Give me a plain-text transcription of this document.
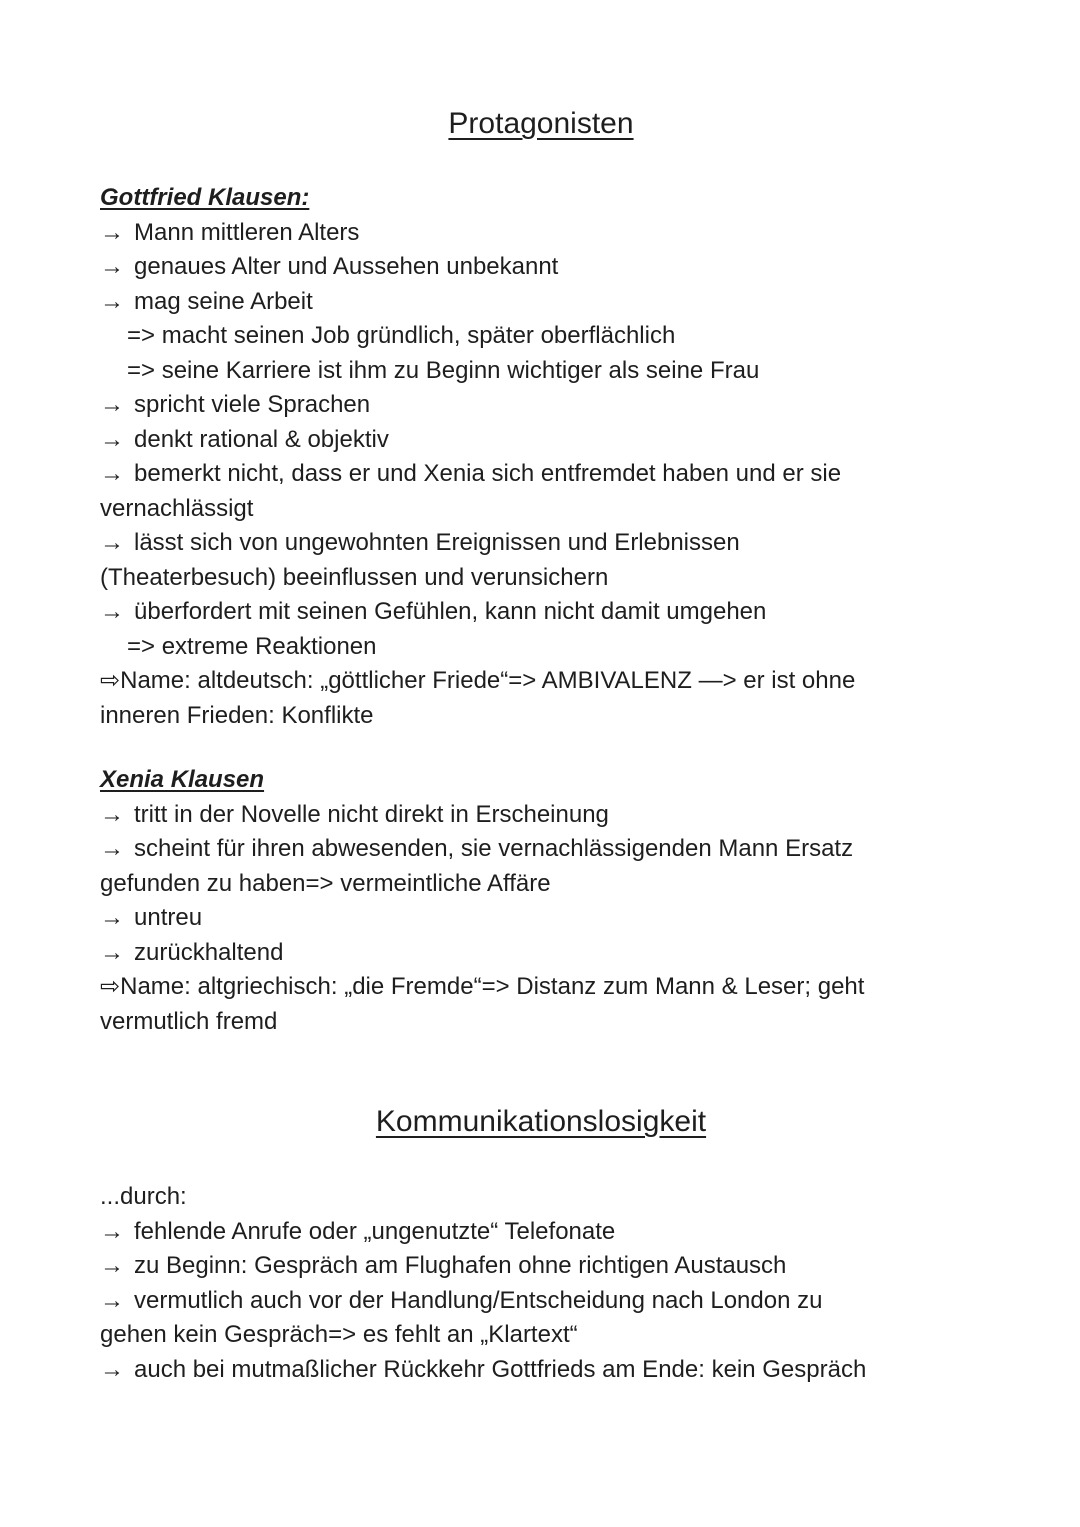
Protagonisten
Gottfried Klausen:

→ Mann mittleren Alters

→ genaues Alter und Aussehen unbekannt

→ mag seine Arbeit

=> macht seinen Job gründlich, später oberflächlich

=> seine Karriere ist ihm zu Beginn wichtiger als seine Frau

→ spricht viele Sprachen

→ denkt rational & objektiv

→ bemerkt nicht, dass er und Xenia sich entfremdet haben und er sie

vernachlässigt

→ lässt sich von ungewohnten Ereignissen und Erlebnissen

(Theaterbesuch) beeinflussen und verunsichern

→ überfordert mit seinen Gefühlen, kann nicht damit umgehen

=> extreme Reaktionen

⇨Name: altdeutsch: „göttlicher Friede“=> AMBIVALENZ —> er ist ohne

inneren Frieden: Konflikte

Xenia Klausen

→ tritt in der Novelle nicht direkt in Erscheinung

→ scheint für ihren abwesenden, sie vernachlässigenden Mann Ersatz

gefunden zu haben=> vermeintliche Affäre

→ untreu

→ zurückhaltend

⇨Name: altgriechisch: „die Fremde“=> Distanz zum Mann & Leser; geht

vermutlich fremd

Kommunikationslosigkeit

...durch:

→ fehlende Anrufe oder „ungenutzte“ Telefonate

→ zu Beginn: Gespräch am Flughafen ohne richtigen Austausch

→ vermutlich auch vor der Handlung/Entscheidung nach London zu

gehen kein Gespräch=> es fehlt an „Klartext“

→ auch bei mutmaßlicher Rückkehr Gottfrieds am Ende: kein Gespräch
